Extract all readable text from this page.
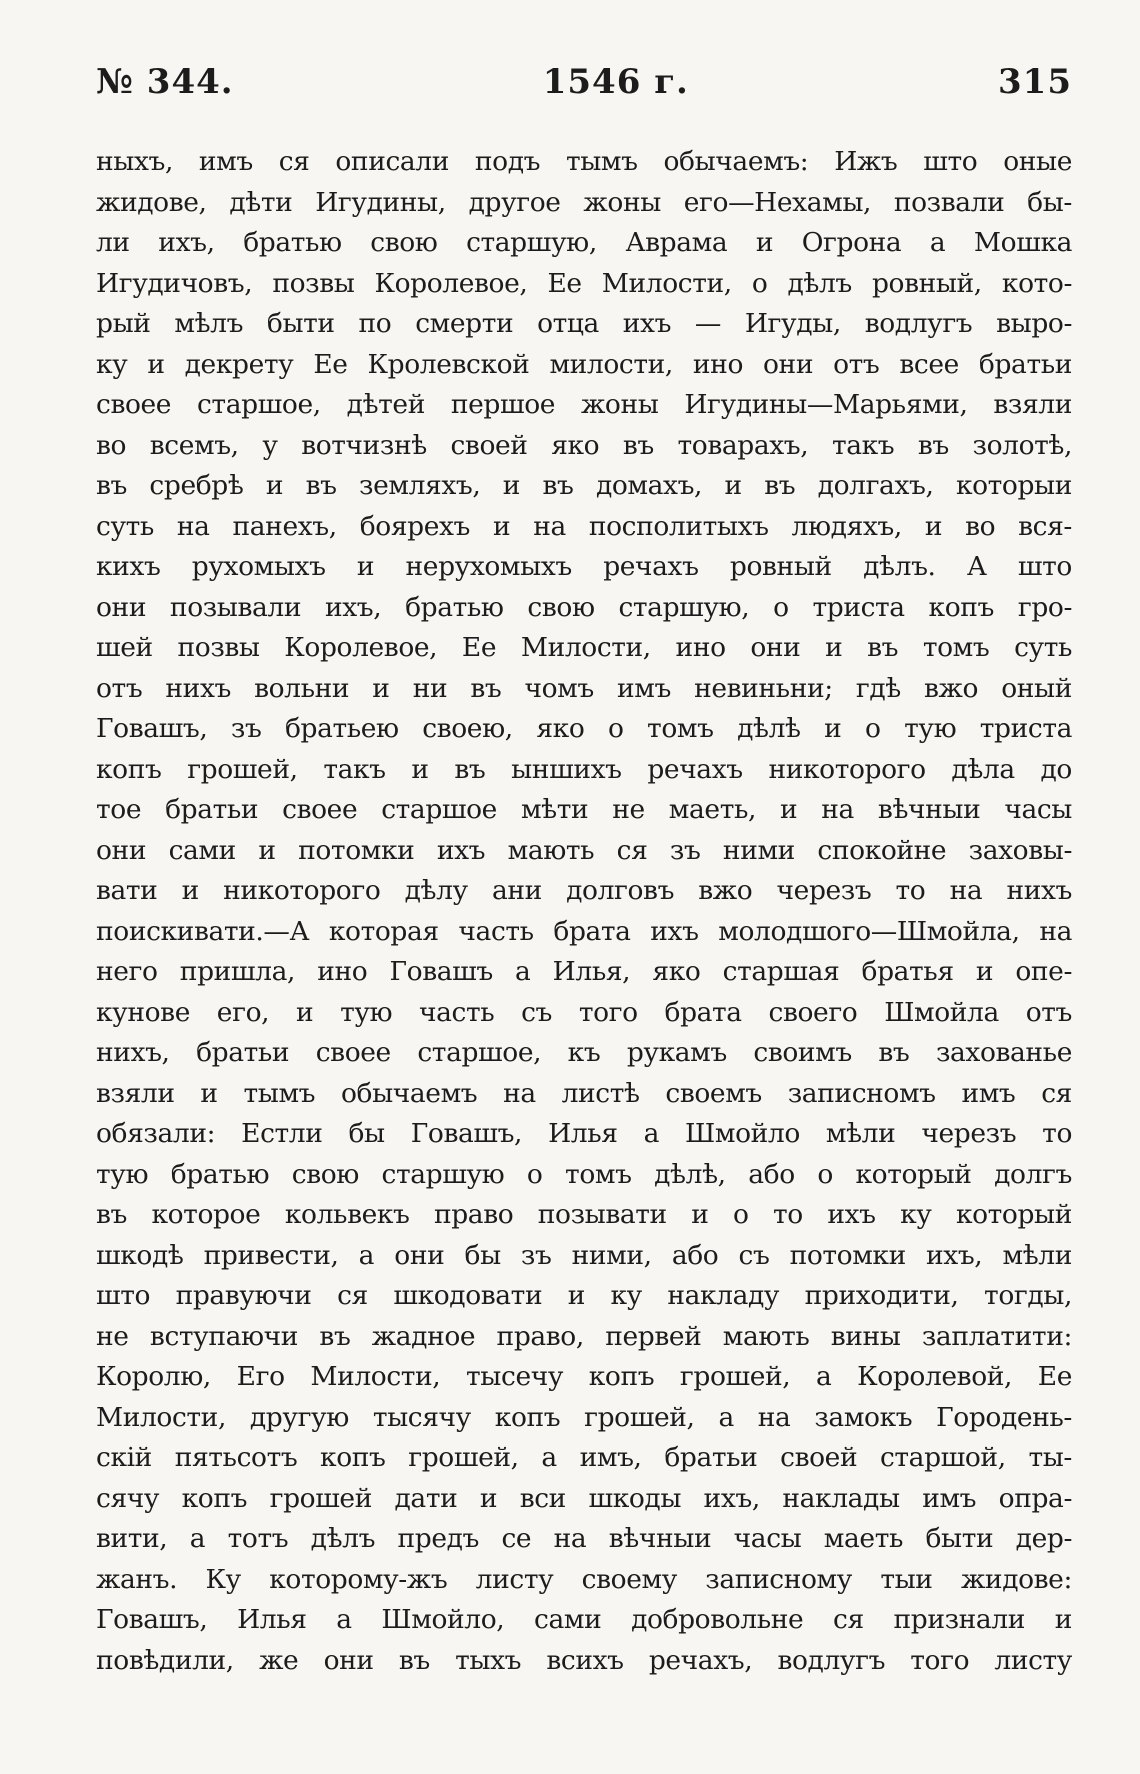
№ 344.	1546 г.	315
ныхъ, имъ ся описали подъ тымъ обычаемъ: Ижъ што оные
жидове, дѣти Игудины, другое жоны его—Нехамы, позвали бы-
ли ихъ, братью свою старшую, Аврама и Огрона а Мошка
Игудичовъ, позвы Королевое, Ее Милости, о дѣлъ ровный, кото-
рый мѣлъ быти по смерти отца ихъ — Игуды, водлугъ выро-
ку и декрету Ее Кролевской милости, ино они отъ всее братьи
своее старшое, дѣтей першое жоны Игудины—Марьями, взяли
во всемъ, у вотчизнѣ своей яко въ товарахъ, такъ въ золотѣ,
въ сребрѣ и въ земляхъ, и въ домахъ, и въ долгахъ, которыи
суть на панехъ, боярехъ и на посполитыхъ людяхъ, и во вся-
кихъ рухомыхъ и нерухомыхъ речахъ ровный дѣлъ. А што
они позывали ихъ, братью свою старшую, о триста копъ гро-
шей позвы Королевое, Ее Милости, ино они и въ томъ суть
отъ нихъ вольни и ни въ чомъ имъ невиньни; гдѣ вжо оный
Говашъ, зъ братьею своею, яко о томъ дѣлѣ и о тую триста
копъ грошей, такъ и въ ыншихъ речахъ никоторого дѣла до
тое братьи своее старшое мѣти не маеть, и на вѣчныи часы
они сами и потомки ихъ мають ся зъ ними спокойне заховы-
вати и никоторого дѣлу ани долговъ вжо черезъ то на нихъ
поискивати.—А которая часть брата ихъ молодшого—Шмойла, на
него пришла, ино Говашъ а Илья, яко старшая братья и опе-
кунове его, и тую часть съ того брата своего Шмойла отъ
нихъ, братьи своее старшое, къ рукамъ своимъ въ захованье
взяли и тымъ обычаемъ на листѣ своемъ записномъ имъ ся
обязали: Естли бы Говашъ, Илья а Шмойло мѣли черезъ то
тую братью свою старшую о томъ дѣлѣ, або о который долгъ
въ которое кольвекъ право позывати и о то ихъ ку который
шкодѣ привести, а они бы зъ ними, або съ потомки ихъ, мѣли
што правуючи ся шкодовати и ку накладу приходити, тогды,
не вступаючи въ жадное право, первей мають вины заплатити:
Королю, Его Милости, тысечу копъ грошей, а Королевой, Ее
Милости, другую тысячу копъ грошей, а на замокъ Городень-
скій пятьсотъ копъ грошей, а имъ, братьи своей старшой, ты-
сячу копъ грошей дати и вси шкоды ихъ, наклады имъ опра-
вити, а тотъ дѣлъ предъ се на вѣчныи часы маеть быти дер-
жанъ. Ку которому-жъ листу своему записному тыи жидове:
Говашъ, Илья а Шмойло, сами добровольне ся признали и
повѣдили, же они въ тыхъ всихъ речахъ, водлугъ того листу
